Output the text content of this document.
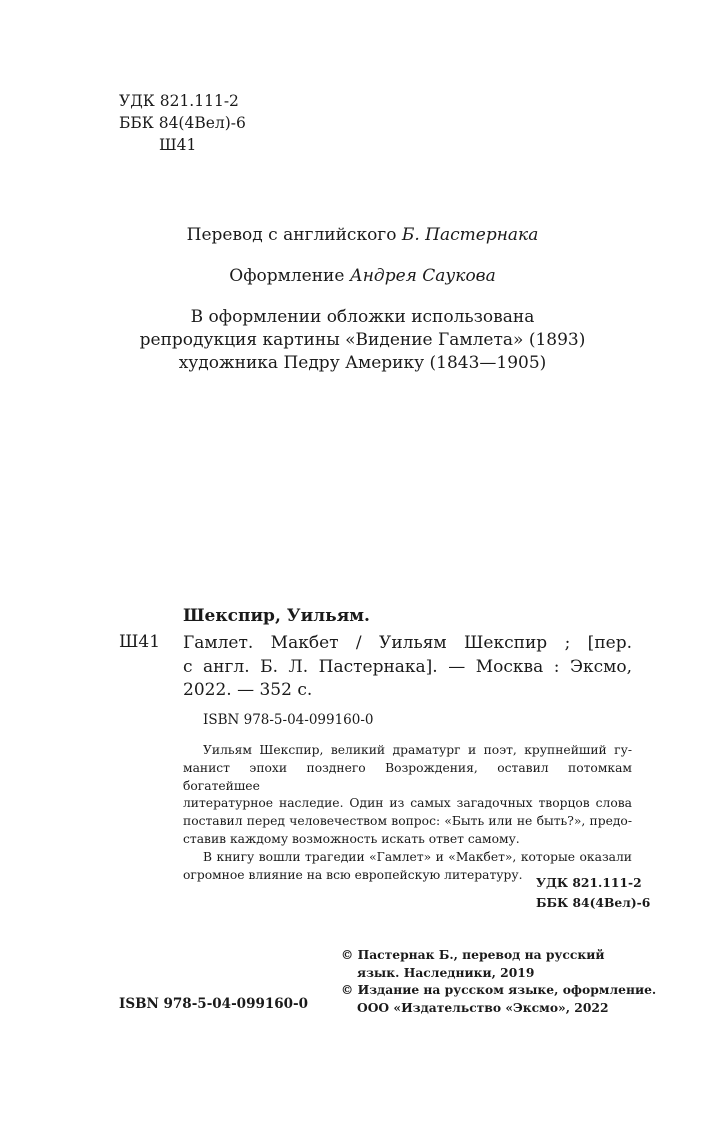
УДК 821.111-2
ББК 84(4Вел)-6
Ш41
Перевод с английского Б. Пастернака
Оформление Андрея Саукова
В оформлении обложки использована
репродукция картины «Видение Гамлета» (1893)
художника Педру Америку (1843—1905)
Шекспир, Уильям.
Ш41 Гамлет. Макбет / Уильям Шекспир ; [пер.
с англ. Б. Л. Пастернака]. — Москва : Эксмо,
2022. — 352 с.
ISBN 978-5-04-099160-0
Уильям Шекспир, великий драматург и поэт, крупнейший гу-
манист эпохи позднего Возрождения, оставил потомкам богатейшее
литературное наследие. Один из самых загадочных творцов слова
поставил перед человечеством вопрос: «Быть или не быть?», предо-
ставив каждому возможность искать ответ самому.
В книгу вошли трагедии «Гамлет» и «Макбет», которые оказали
огромное влияние на всю европейскую литературу.
УДК 821.111-2
ББК 84(4Вел)-6
© Пастернак Б., перевод на русский
язык. Наследники, 2019
© Издание на русском языке, оформление.
ООО «Издательство «Эксмо», 2022
ISBN 978-5-04-099160-0
